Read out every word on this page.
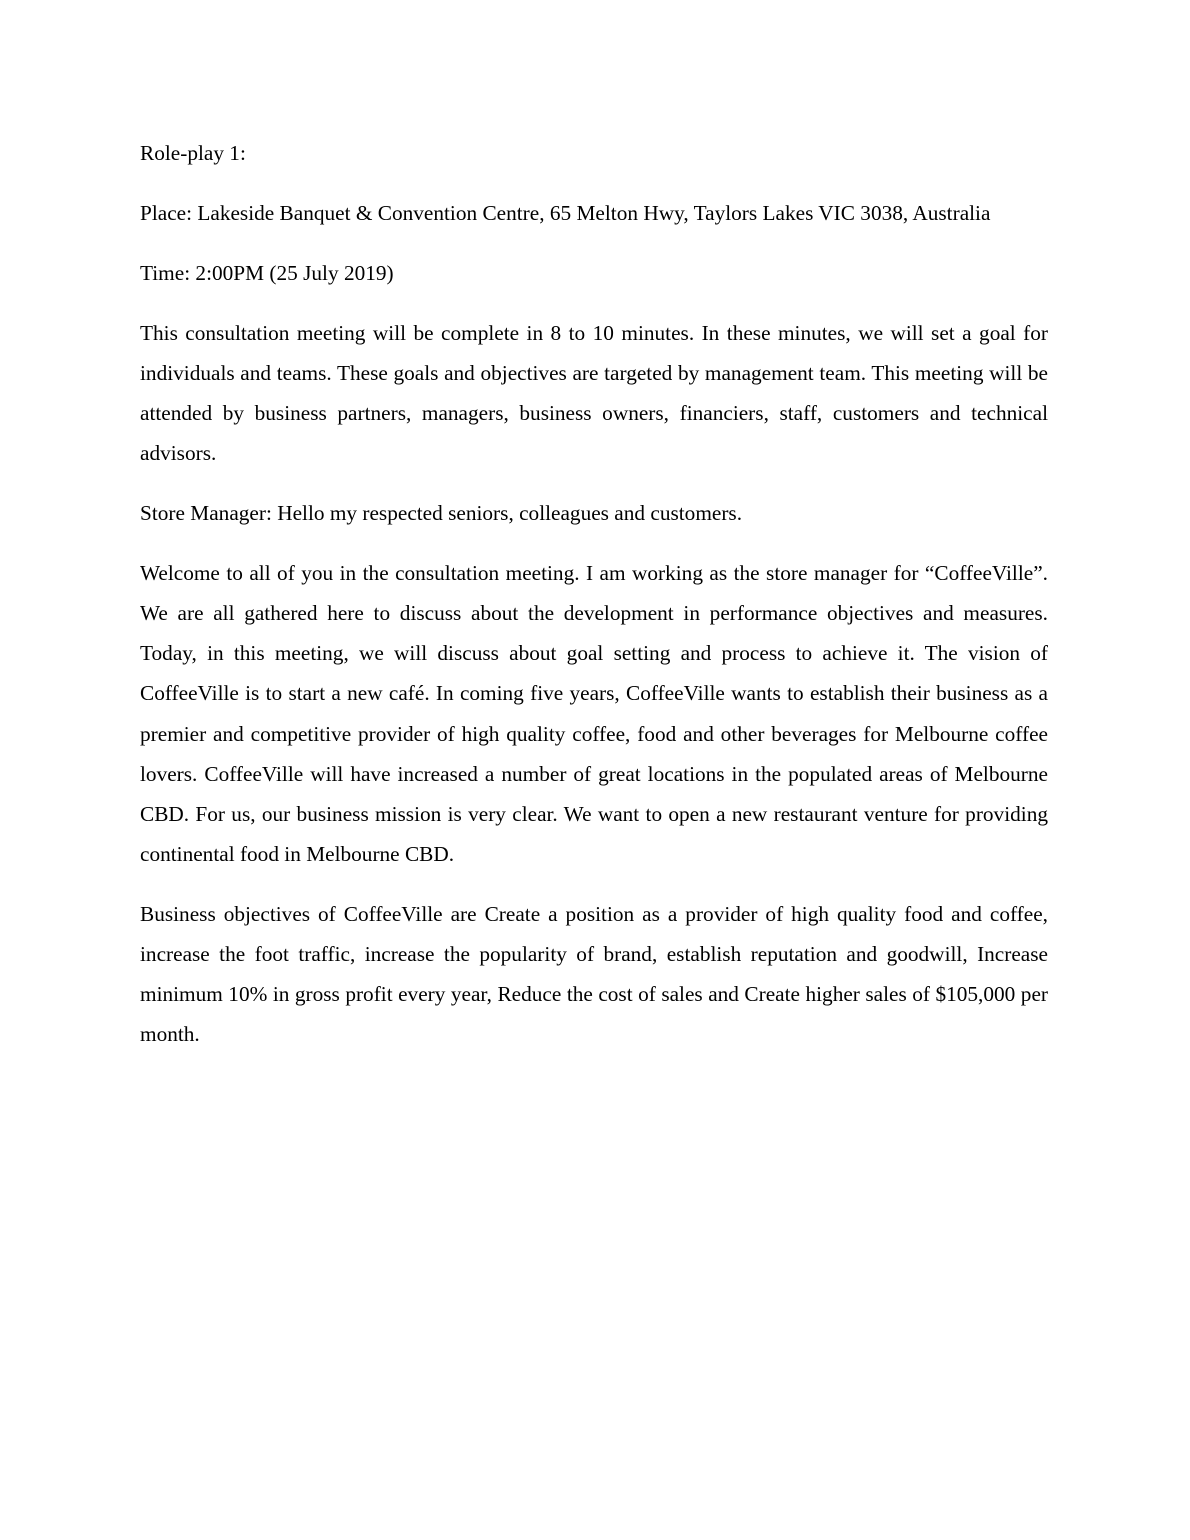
Role-play 1:

Place: Lakeside Banquet & Convention Centre, 65 Melton Hwy, Taylors Lakes VIC 3038, Australia

Time: 2:00PM (25 July 2019)

This consultation meeting will be complete in 8 to 10 minutes. In these minutes, we will set a goal for individuals and teams. These goals and objectives are targeted by management team. This meeting will be attended by business partners, managers, business owners, financiers, staff, customers and technical advisors.

Store Manager: Hello my respected seniors, colleagues and customers.

Welcome to all of you in the consultation meeting. I am working as the store manager for “CoffeeVille”. We are all gathered here to discuss about the development in performance objectives and measures. Today, in this meeting, we will discuss about goal setting and process to achieve it. The vision of CoffeeVille is to start a new café. In coming five years, CoffeeVille wants to establish their business as a premier and competitive provider of high quality coffee, food and other beverages for Melbourne coffee lovers. CoffeeVille will have increased a number of great locations in the populated areas of Melbourne CBD. For us, our business mission is very clear. We want to open a new restaurant venture for providing continental food in Melbourne CBD.

Business objectives of CoffeeVille are Create a position as a provider of high quality food and coffee, increase the foot traffic, increase the popularity of brand, establish reputation and goodwill, Increase minimum 10% in gross profit every year, Reduce the cost of sales and Create higher sales of $105,000 per month.
